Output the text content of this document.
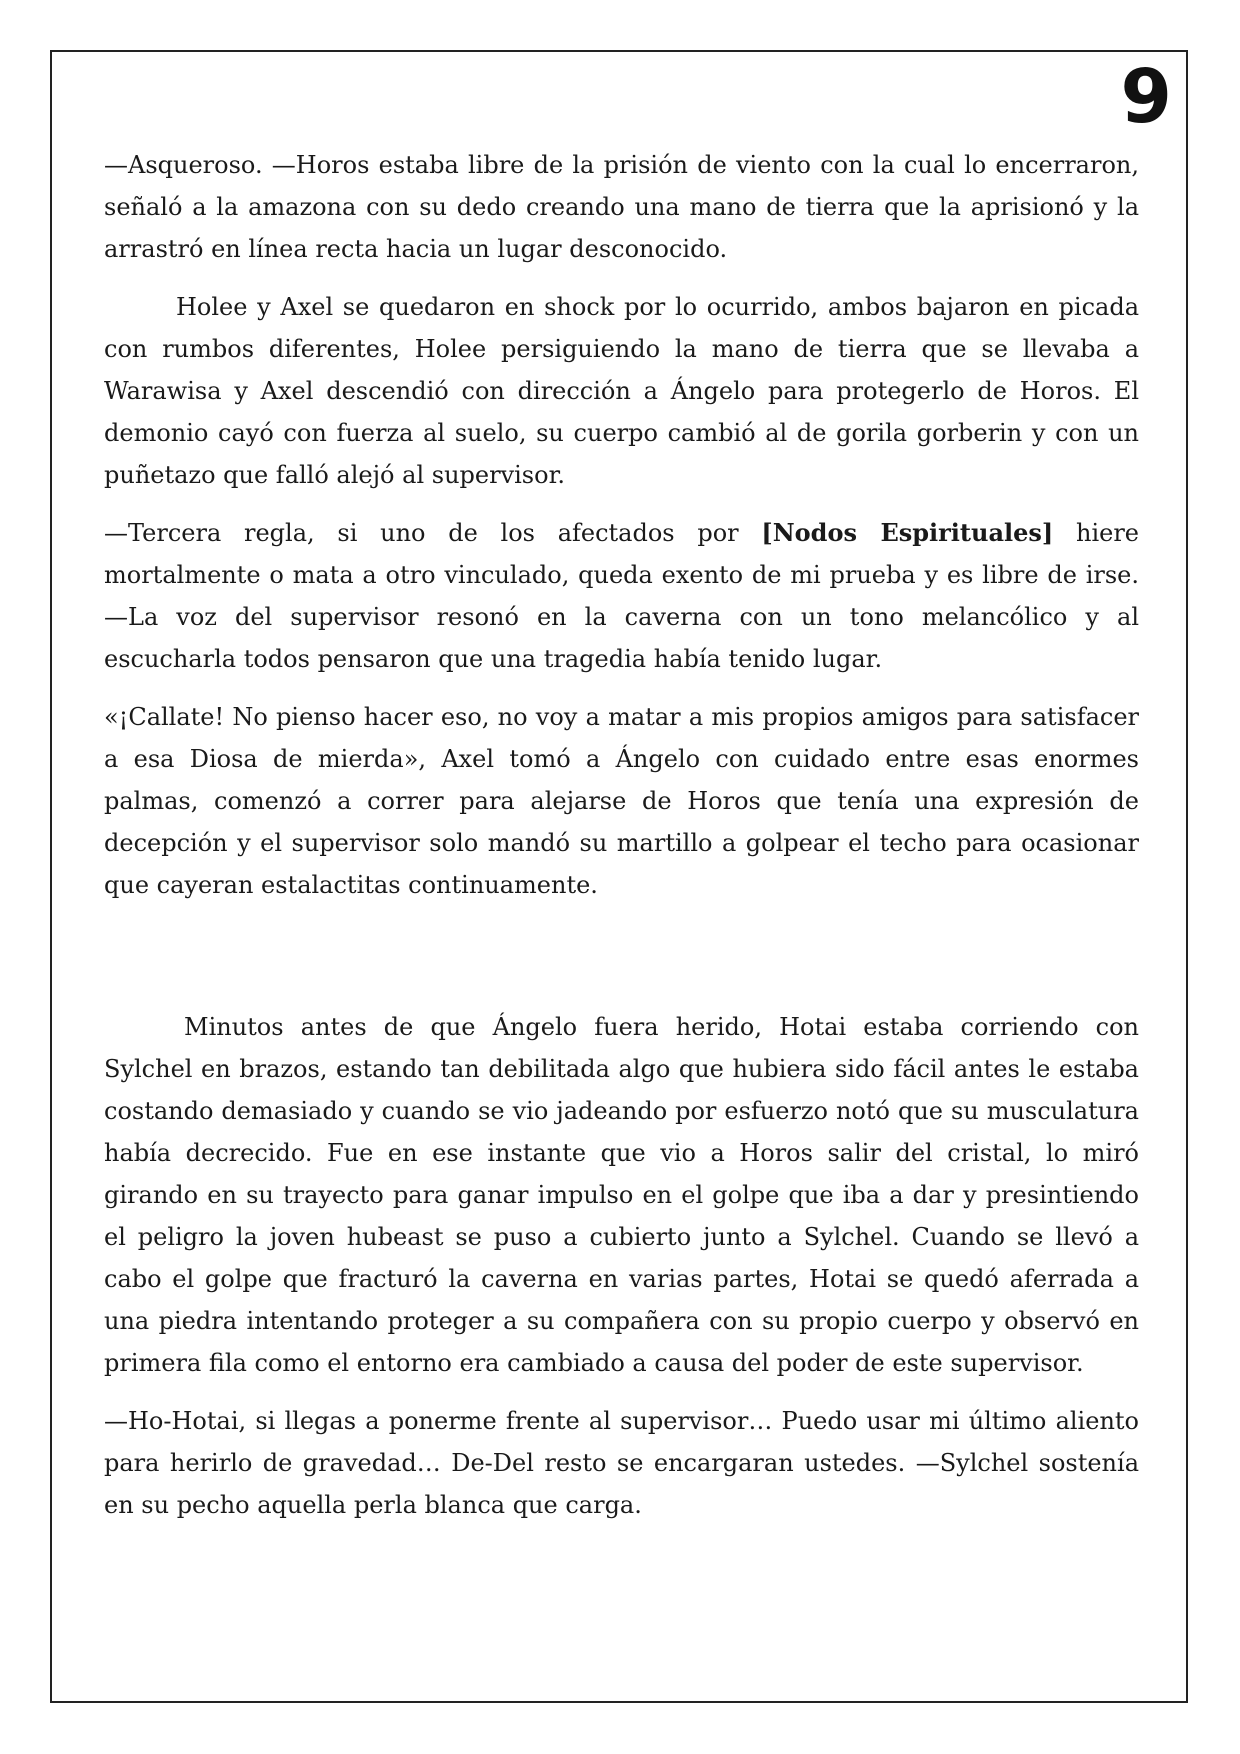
9

—Asqueroso. —Horos estaba libre de la prisión de viento con la cual lo encerraron, señaló a la amazona con su dedo creando una mano de tierra que la aprisionó y la arrastró en línea recta hacia un lugar desconocido.

Holee y Axel se quedaron en shock por lo ocurrido, ambos bajaron en picada con rumbos diferentes, Holee persiguiendo la mano de tierra que se llevaba a Warawisa y Axel descendió con dirección a Ángelo para protegerlo de Horos. El demonio cayó con fuerza al suelo, su cuerpo cambió al de gorila gorberin y con un puñetazo que falló alejó al supervisor.

—Tercera regla, si uno de los afectados por [Nodos Espirituales] hiere mortalmente o mata a otro vinculado, queda exento de mi prueba y es libre de irse. —La voz del supervisor resonó en la caverna con un tono melancólico y al escucharla todos pensaron que una tragedia había tenido lugar.

«¡Callate! No pienso hacer eso, no voy a matar a mis propios amigos para satisfacer a esa Diosa de mierda», Axel tomó a Ángelo con cuidado entre esas enormes palmas, comenzó a correr para alejarse de Horos que tenía una expresión de decepción y el supervisor solo mandó su martillo a golpear el techo para ocasionar que cayeran estalactitas continuamente.

Minutos antes de que Ángelo fuera herido, Hotai estaba corriendo con Sylchel en brazos, estando tan debilitada algo que hubiera sido fácil antes le estaba costando demasiado y cuando se vio jadeando por esfuerzo notó que su musculatura había decrecido. Fue en ese instante que vio a Horos salir del cristal, lo miró girando en su trayecto para ganar impulso en el golpe que iba a dar y presintiendo el peligro la joven hubeast se puso a cubierto junto a Sylchel. Cuando se llevó a cabo el golpe que fracturó la caverna en varias partes, Hotai se quedó aferrada a una piedra intentando proteger a su compañera con su propio cuerpo y observó en primera fila como el entorno era cambiado a causa del poder de este supervisor.

—Ho-Hotai, si llegas a ponerme frente al supervisor… Puedo usar mi último aliento para herirlo de gravedad… De-Del resto se encargaran ustedes. —Sylchel sostenía en su pecho aquella perla blanca que carga.
